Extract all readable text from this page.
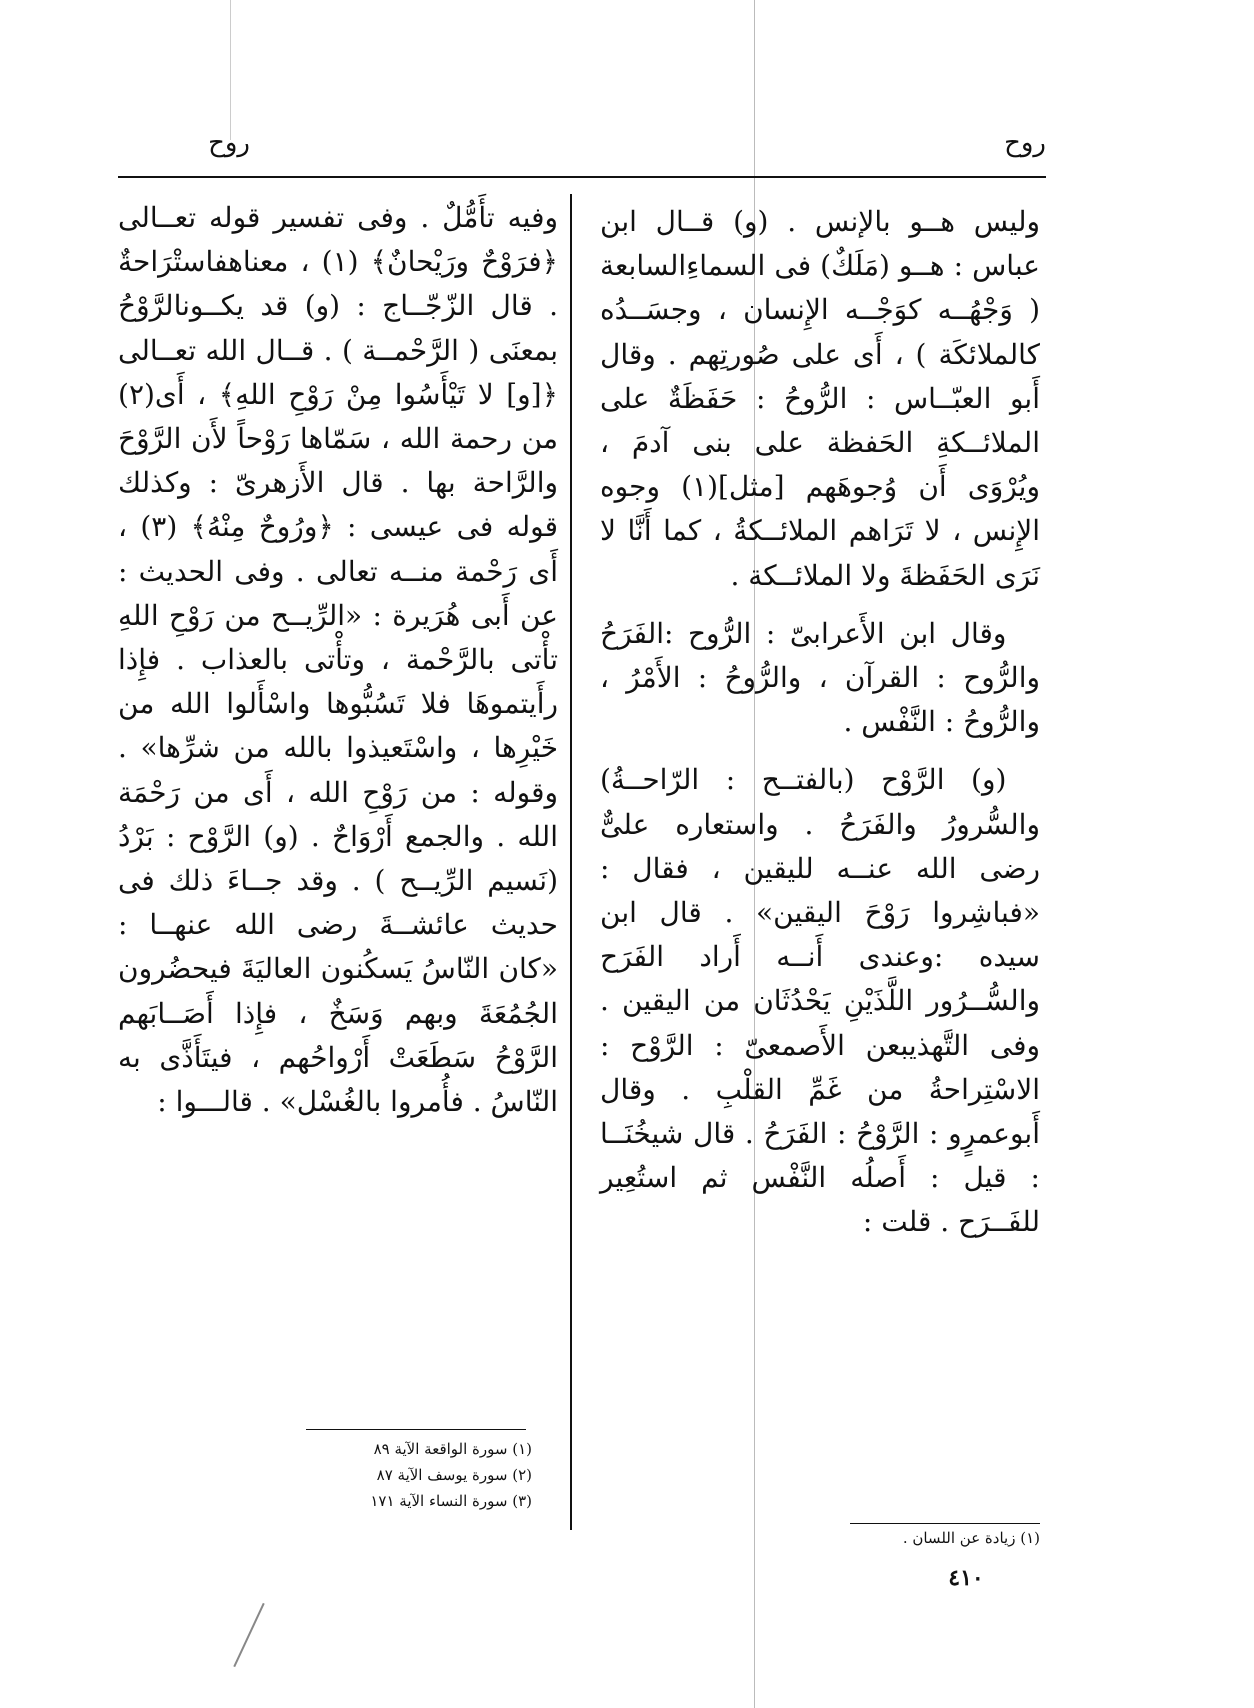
روح
روح

وليس هــو بالإنس . (و) قــال ابن عباس : هــو (مَلَكٌ) فى السماءِالسابعة ( وَجْهُــه كوَجْــه الإِنسان ، وجسَــدُه كالملائكَة ) ، أَى على صُورتِهم . وقال أَبو العبّــاس : الرُّوحُ : حَفَظَةٌ على الملائــكةِ الحَفظة على بنى آدمَ ، ويُرْوَى أَن وُجوهَهم [مثل](١) وجوه الإِنس ، لا تَرَاهم الملائــكةُ ، كما أَنَّا لا نَرَى الحَفَظةَ ولا الملائــكة .

وقال ابن الأَعرابىّ : الرُّوح :الفَرَحُ والرُّوح : القرآن ، والرُّوحُ : الأَمْرُ ، والرُّوحُ : النَّفْس .

(و) الرَّوْح (بالفتــح : الرّاحــةُ) والسُّرورُ والفَرَحُ . واستعاره علىٌّ رضى الله عنــه لليقين ، فقال : «فباشِروا رَوْحَ اليقين» . قال ابن سيده :وعندى أَنــه أَراد الفَرَح والسُّــرُور اللَّذَيْنِ يَحْدُثَان من اليقين . وفى التَّهذيبعن الأَصمعىّ : الرَّوْح : الاسْتِراحةُ من غَمِّ القلْبِ . وقال أَبوعمرٍو : الرَّوْحُ : الفَرَحُ . قال شيخُنَــا : قيل : أَصلُه النَّفْس ثم استُعِير للفَــرَح . قلت :

وفيه تأَمُّلٌ . وفى تفسير قوله تعــالى ﴿فرَوْحٌ ورَيْحانٌ﴾ (١) ، معناهفاستْرَاحةٌ . قال الزّجّــاج : (و) قد يكــونالرَّوْحُ بمعنَى ( الرَّحْمــة ) . قــال الله تعــالى ﴿[و] لا تَيْأَسُوا مِنْ رَوْحِ اللهِ﴾ ، أَى(٢) من رحمة الله ، سَمّاها رَوْحاً لأَن الرَّوْحَ والرَّاحة بها . قال الأَزهرىّ : وكذلك قوله فى عيسى : ﴿ورُوحٌ مِنْهُ﴾ (٣) ، أَى رَحْمة منــه تعالى . وفى الحديث : عن أَبى هُرَيرة : «الرِّيــح من رَوْحِ اللهِ تأْتى بالرَّحْمة ، وتأْتى بالعذاب . فإِذا رأَيتموهَا فلا تَسُبُّوها واسْأَلوا الله من خَيْرِها ، واسْتَعيذوا بالله من شرِّها» . وقوله : من رَوْحِ الله ، أَى من رَحْمَة الله . والجمع أَرْوَاحٌ . (و) الرَّوْح : بَرْدُ (نَسيم الرِّيــح ) . وقد جــاءَ ذلك فى حديث عائشــةَ رضى الله عنهــا : «كان النّاسُ يَسكُنون العاليَةَ فيحضُرون الجُمُعَةَ وبهم وَسَخٌ ، فإِذا أَصَــابَهم الرَّوْحُ سَطَعَتْ أَرْواحُهم ، فيتَأَذَّى به النّاسُ . فأُمروا بالغُسْل» . قالـــوا :

(١) سورة الواقعة الآية ٨٩

(٢) سورة يوسف الآية ٨٧

(٣) سورة النساء الآية ١٧١

(١) زيادة عن اللسان .

٤١٠
